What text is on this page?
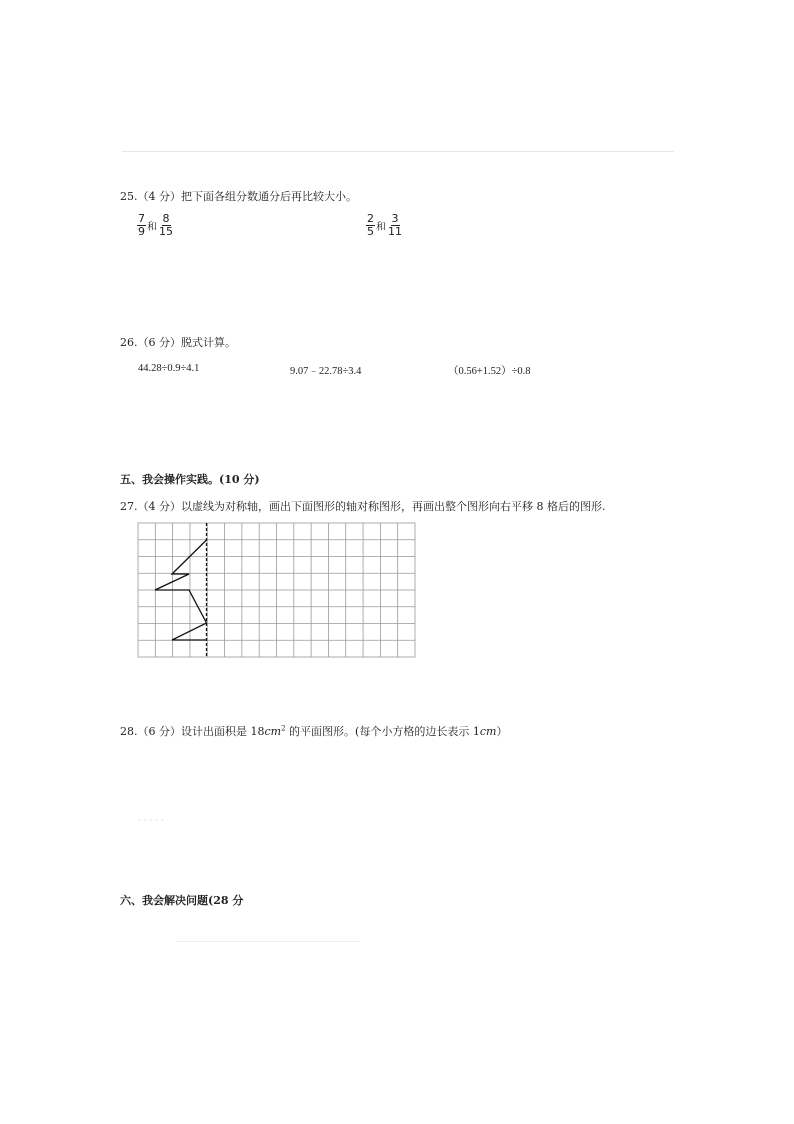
25.（4 分）把下面各组分数通分后再比较大小。
$\frac{7}{9}$ 和 $\frac{8}{15}$	$\frac{2}{5}$ 和 $\frac{3}{11}$
26.（6 分）脱式计算。
44.28÷0.9÷4.1	9.07﹣22.78÷3.4	（0.56+1.52）÷0.8
五、我会操作实践。(10 分)
27.（4 分）以虚线为对称轴，画出下面图形的轴对称图形，再画出整个图形向右平移 8 格后的图形.
28.（6 分）设计出面积是 $18cm^2$ 的平面图形。(每个小方格的边长表示 1cm）
· · · · ·
六、我会解决问题(28 分
